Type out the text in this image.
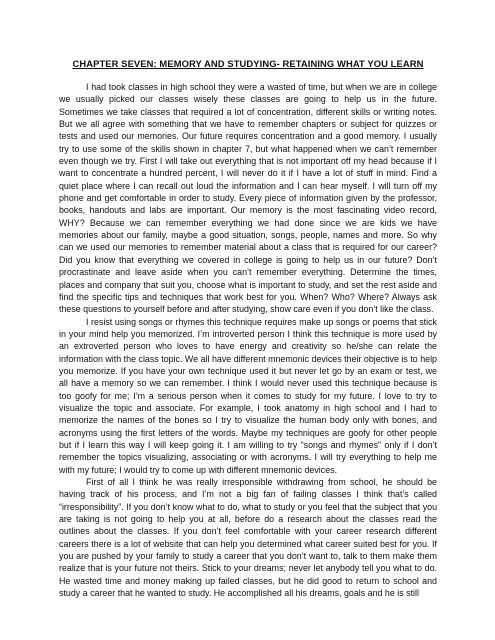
CHAPTER SEVEN: MEMORY AND STUDYING- RETAINING WHAT YOU LEARN

I had took classes in high school they were a wasted of time, but when we are in college we usually picked our classes wisely these classes are going to help us in the future. Sometimes we take classes that required a lot of concentration, different skills or writing notes. But we all agree with something that we have to remember chapters or subject for quizzes or tests and used our memories. Our future requires concentration and a good memory. I usually try to use some of the skills shown in chapter 7, but what happened when we can’t remember even though we try. First I will take out everything that is not important off my head because if I want to concentrate a hundred percent, I will never do it if I have a lot of stuff in mind. Find a quiet place where I can recall out loud the information and I can hear myself. I will turn off my phone and get comfortable in order to study. Every piece of information given by the professor, books, handouts and labs are important. Our memory is the most fascinating video record, WHY? Because we can remember everything we had done since we are kids we have memories about our family, maybe a good situation, songs, people, names and more. So why can we used our memories to remember material about a class that is required for our career? Did you know that everything we covered in college is going to help us in our future? Don’t procrastinate and leave aside when you can’t remember everything. Determine the times, places and company that suit you, choose what is important to study, and set the rest aside and find the specific tips and techniques that work best for you. When? Who? Where? Always ask these questions to yourself before and after studying, show care even if you don’t like the class.

I resist using songs or rhymes this technique requires make up songs or poems that stick in your mind help you memorized. I’m introverted person I think this technique is more used by an extroverted person who loves to have energy and creativity so he/she can relate the information with the class topic. We all have different mnemonic devices their objective is to help you memorize. If you have your own technique used it but never let go by an exam or test, we all have a memory so we can remember. I think I would never used this technique because is too goofy for me; I’m a serious person when it comes to study for my future. I love to try to visualize the topic and associate. For example, I took anatomy in high school and I had to memorize the names of the bones so I try to visualize the human body only with bones, and acronyms using the first letters of the words. Maybe my techniques are goofy for other people but if I learn this way I will keep going it. I am willing to try “songs and rhymes” only if I don’t remember the topics visualizing, associating or with acronyms. I will try everything to help me with my future; I would try to come up with different mnemonic devices.

First of all I think he was really irresponsible withdrawing from school, he should be having track of his process, and I’m not a big fan of failing classes I think that’s called “irresponsibility”. If you don’t know what to do, what to study or you feel that the subject that you are taking is not going to help you at all, before do a research about the classes read the outlines about the classes. If you don’t feel comfortable with your career research different careers there is a lot of website that can help you determined what career suited best for you. If you are pushed by your family to study a career that you don’t want to, talk to them make them realize that is your future not theirs. Stick to your dreams; never let anybody tell you what to do. He wasted time and money making up failed classes, but he did good to return to school and study a career that he wanted to study. He accomplished all his dreams, goals and he is still
